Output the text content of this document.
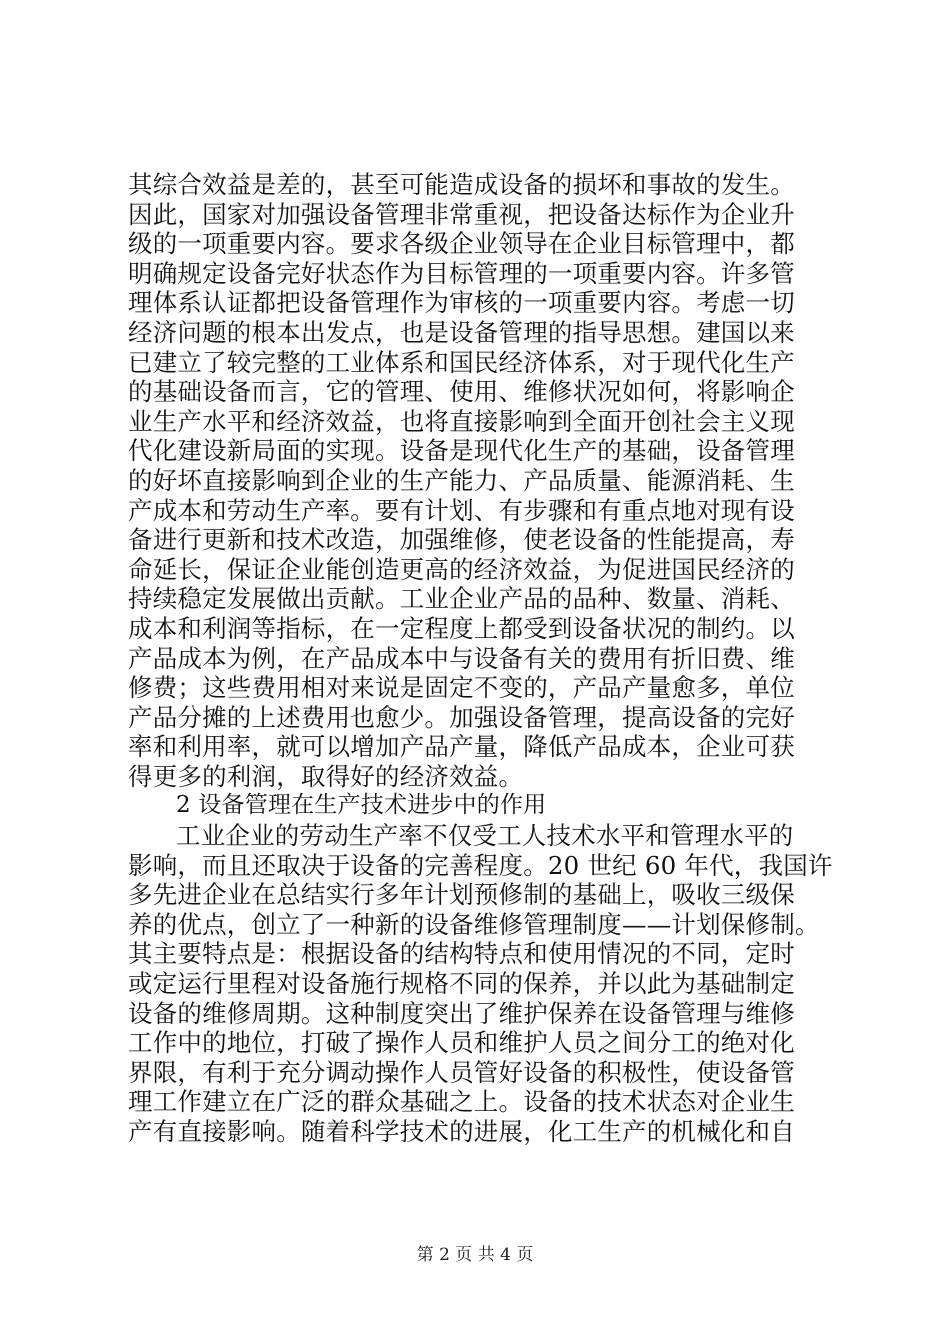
其综合效益是差的，甚至可能造成设备的损坏和事故的发生。
因此，国家对加强设备管理非常重视，把设备达标作为企业升
级的一项重要内容。要求各级企业领导在企业目标管理中，都
明确规定设备完好状态作为目标管理的一项重要内容。许多管
理体系认证都把设备管理作为审核的一项重要内容。考虑一切
经济问题的根本出发点，也是设备管理的指导思想。建国以来
已建立了较完整的工业体系和国民经济体系，对于现代化生产
的基础设备而言，它的管理、使用、维修状况如何，将影响企
业生产水平和经济效益，也将直接影响到全面开创社会主义现
代化建设新局面的实现。设备是现代化生产的基础，设备管理
的好坏直接影响到企业的生产能力、产品质量、能源消耗、生
产成本和劳动生产率。要有计划、有步骤和有重点地对现有设
备进行更新和技术改造，加强维修，使老设备的性能提高，寿
命延长，保证企业能创造更高的经济效益，为促进国民经济的
持续稳定发展做出贡献。工业企业产品的品种、数量、消耗、
成本和利润等指标，在一定程度上都受到设备状况的制约。以
产品成本为例，在产品成本中与设备有关的费用有折旧费、维
修费；这些费用相对来说是固定不变的，产品产量愈多，单位
产品分摊的上述费用也愈少。加强设备管理，提高设备的完好
率和利用率，就可以增加产品产量，降低产品成本，企业可获
得更多的利润，取得好的经济效益。
2 设备管理在生产技术进步中的作用
工业企业的劳动生产率不仅受工人技术水平和管理水平的
影响，而且还取决于设备的完善程度。20 世纪 60 年代，我国许
多先进企业在总结实行多年计划预修制的基础上，吸收三级保
养的优点，创立了一种新的设备维修管理制度——计划保修制。
其主要特点是：根据设备的结构特点和使用情况的不同，定时
或定运行里程对设备施行规格不同的保养，并以此为基础制定
设备的维修周期。这种制度突出了维护保养在设备管理与维修
工作中的地位，打破了操作人员和维护人员之间分工的绝对化
界限，有利于充分调动操作人员管好设备的积极性，使设备管
理工作建立在广泛的群众基础之上。设备的技术状态对企业生
产有直接影响。随着科学技术的进展，化工生产的机械化和自
第 2 页 共 4 页
